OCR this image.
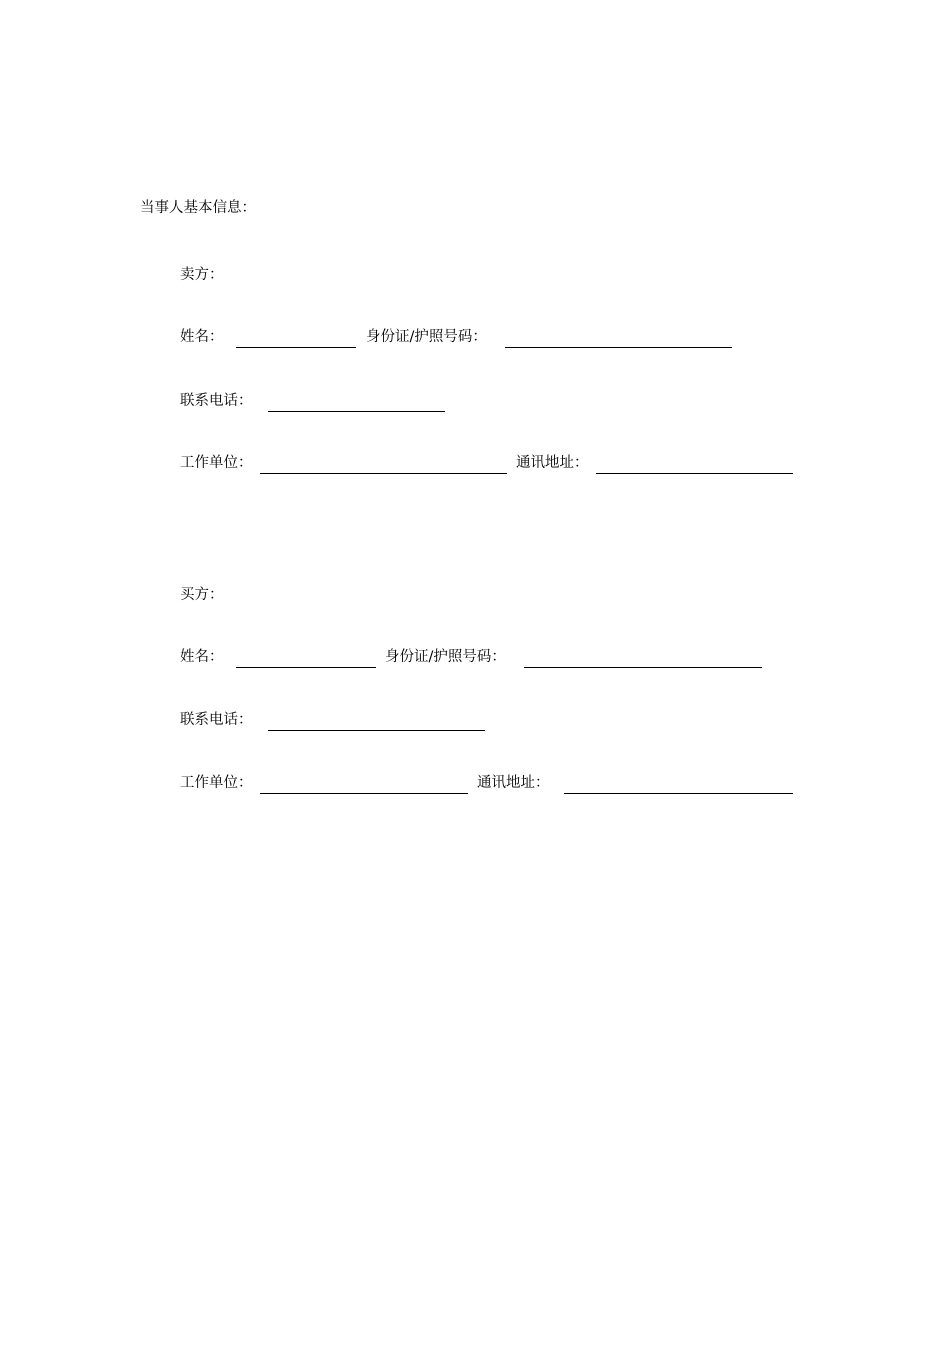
当事人基本信息：
卖方：
姓名：	身份证/护照号码：
联系电话：
工作单位：	通讯地址：
买方：
姓名：	身份证/护照号码：
联系电话：
工作单位：	通讯地址：
